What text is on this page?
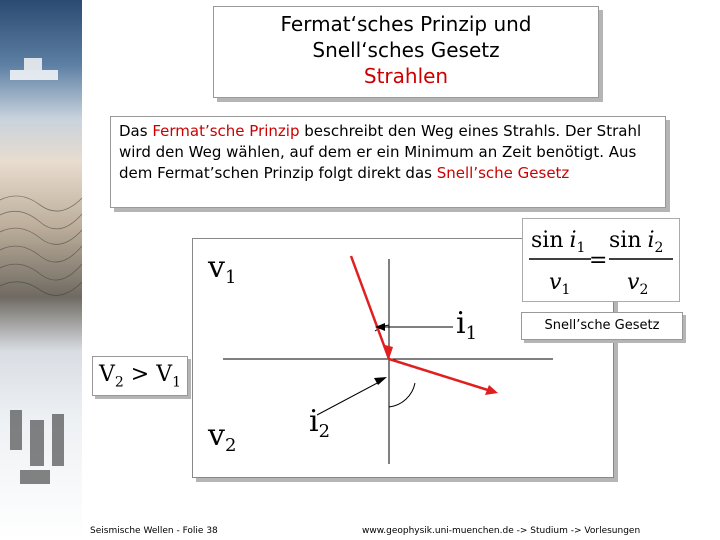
Fermat‘sches Prinzip und
Snell‘sches Gesetz
Strahlen
Das Fermat’sche Prinzip beschreibt den Weg eines Strahls. Der Strahl wird den Weg wählen, auf dem er ein Minimum an Zeit benötigt. Aus dem Fermat’schen Prinzip folgt direkt das Snell’sche Gesetz
$v_1$
$v_2$
$i_1$
$i_2$
$V_2 > V_1$
$\sin i_1$
$v_1$
=
$\sin i_2$
$v_2$
Snell’sche Gesetz
Seismische Wellen - Folie 38	www.geophysik.uni-muenchen.de -> Studium -> Vorlesungen
